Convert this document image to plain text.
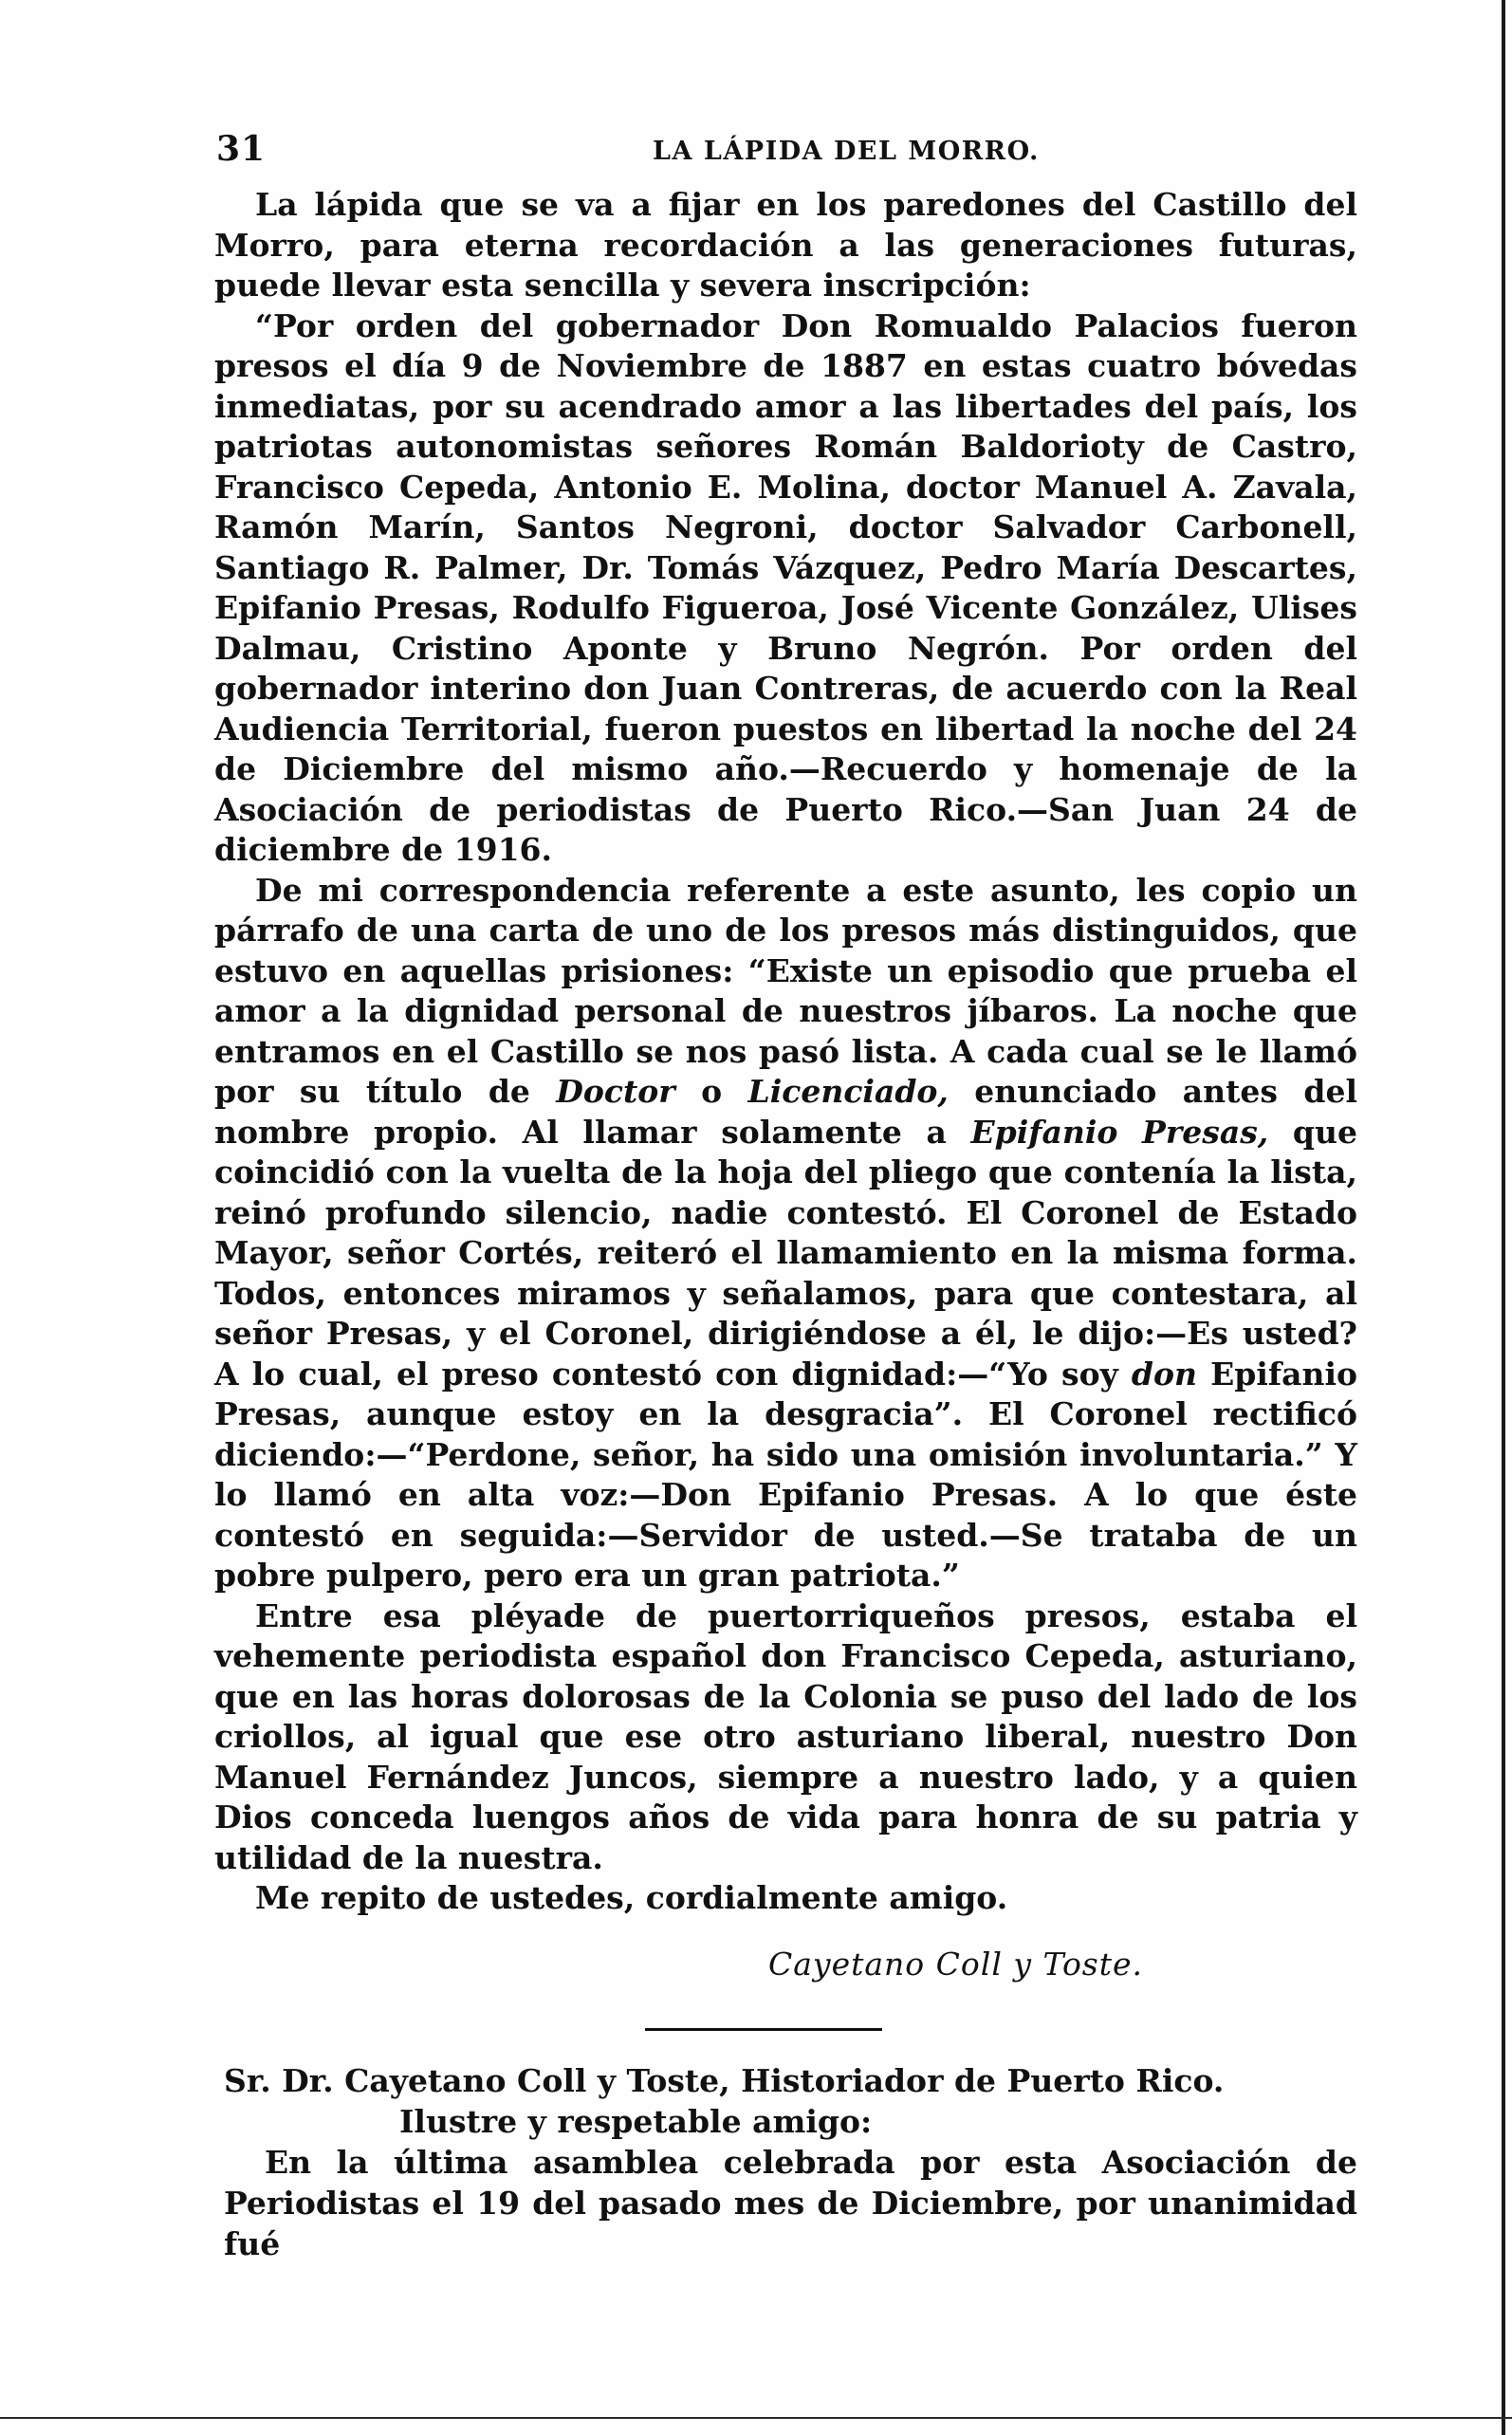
31	LA LÁPIDA DEL MORRO.

La lápida que se va a fijar en los paredones del Castillo del Morro, para eterna recordación a las generaciones futuras, puede llevar esta sencilla y severa inscripción:

“Por orden del gobernador Don Romualdo Palacios fueron presos el día 9 de Noviembre de 1887 en estas cuatro bóvedas inmediatas, por su acendrado amor a las libertades del país, los patriotas autonomistas señores Román Baldorioty de Castro, Francisco Cepeda, Antonio E. Molina, doctor Manuel A. Zavala, Ramón Marín, Santos Negroni, doctor Salvador Carbonell, Santiago R. Palmer, Dr. Tomás Vázquez, Pedro María Descartes, Epifanio Presas, Rodulfo Figueroa, José Vicente González, Ulises Dalmau, Cristino Aponte y Bruno Negrón. Por orden del gobernador interino don Juan Contreras, de acuerdo con la Real Audiencia Territorial, fueron puestos en libertad la noche del 24 de Diciembre del mismo año.—Recuerdo y homenaje de la Asociación de periodistas de Puerto Rico.—San Juan 24 de diciembre de 1916.

De mi correspondencia referente a este asunto, les copio un párrafo de una carta de uno de los presos más distinguidos, que estuvo en aquellas prisiones: “Existe un episodio que prueba el amor a la dignidad personal de nuestros jíbaros. La noche que entramos en el Castillo se nos pasó lista. A cada cual se le llamó por su título de Doctor o Licenciado, enunciado antes del nombre propio. Al llamar solamente a Epifanio Presas, que coincidió con la vuelta de la hoja del pliego que contenía la lista, reinó profundo silencio, nadie contestó. El Coronel de Estado Mayor, señor Cortés, reiteró el llamamiento en la misma forma. Todos, entonces miramos y señalamos, para que contestara, al señor Presas, y el Coronel, dirigiéndose a él, le dijo:—Es usted? A lo cual, el preso contestó con dignidad:—“Yo soy don Epifanio Presas, aunque estoy en la desgracia”. El Coronel rectificó diciendo:—“Perdone, señor, ha sido una omisión involuntaria.” Y lo llamó en alta voz:—Don Epifanio Presas. A lo que éste contestó en seguida:—Servidor de usted.—Se trataba de un pobre pulpero, pero era un gran patriota.”

Entre esa pléyade de puertorriqueños presos, estaba el vehemente periodista español don Francisco Cepeda, asturiano, que en las horas dolorosas de la Colonia se puso del lado de los criollos, al igual que ese otro asturiano liberal, nuestro Don Manuel Fernández Juncos, siempre a nuestro lado, y a quien Dios conceda luengos años de vida para honra de su patria y utilidad de la nuestra.

Me repito de ustedes, cordialmente amigo.

Cayetano Coll y Toste.

Sr. Dr. Cayetano Coll y Toste, Historiador de Puerto Rico.

Ilustre y respetable amigo:

En la última asamblea celebrada por esta Asociación de Periodistas el 19 del pasado mes de Diciembre, por unanimidad fué
